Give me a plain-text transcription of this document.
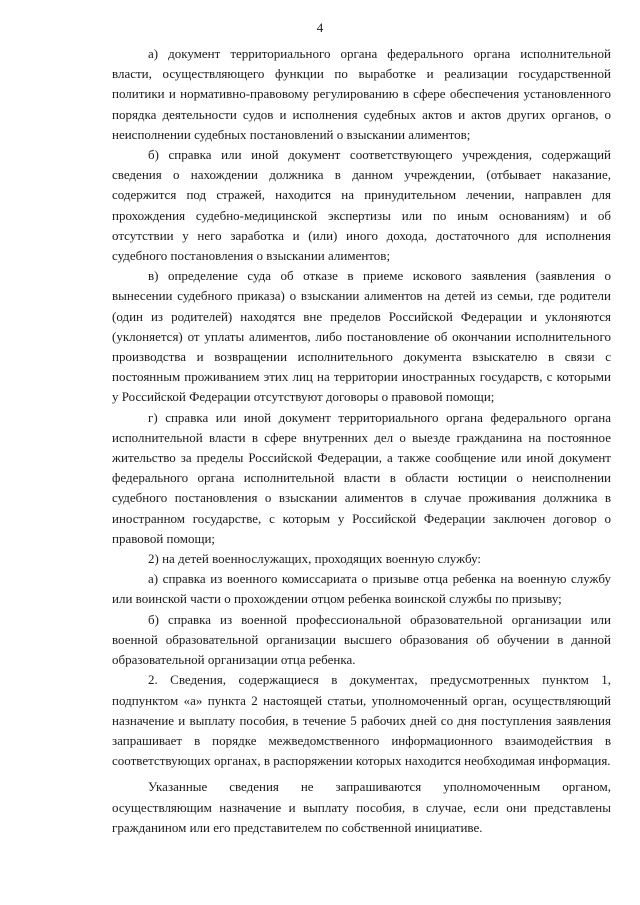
4

а) документ территориального органа федерального органа исполнительной власти, осуществляющего функции по выработке и реализации государственной политики и нормативно-правовому регулированию в сфере обеспечения установленного порядка деятельности судов и исполнения судебных актов и актов других органов, о неисполнении судебных постановлений о взыскании алиментов;

б) справка или иной документ соответствующего учреждения, содержащий сведения о нахождении должника в данном учреждении, (отбывает наказание, содержится под стражей, находится на принудительном лечении, направлен для прохождения судебно-медицинской экспертизы или по иным основаниям) и об отсутствии у него заработка и (или) иного дохода, достаточного для исполнения судебного постановления о взыскании алиментов;

в) определение суда об отказе в приеме искового заявления (заявления о вынесении судебного приказа) о взыскании алиментов на детей из семьи, где родители (один из родителей) находятся вне пределов Российской Федерации и уклоняются (уклоняется) от уплаты алиментов, либо постановление об окончании исполнительного производства и возвращении исполнительного документа взыскателю в связи с постоянным проживанием этих лиц на территории иностранных государств, с которыми у Российской Федерации отсутствуют договоры о правовой помощи;

г) справка или иной документ территориального органа федерального органа исполнительной власти в сфере внутренних дел о выезде гражданина на постоянное жительство за пределы Российской Федерации, а также сообщение или иной документ федерального органа исполнительной власти в области юстиции о неисполнении судебного постановления о взыскании алиментов в случае проживания должника в иностранном государстве, с которым у Российской Федерации заключен договор о правовой помощи;

2) на детей военнослужащих, проходящих военную службу:

а) справка из военного комиссариата о призыве отца ребенка на военную службу или воинской части о прохождении отцом ребенка воинской службы по призыву;

б) справка из военной профессиональной образовательной организации или военной образовательной организации высшего образования об обучении в данной образовательной организации отца ребенка.

2. Сведения, содержащиеся в документах, предусмотренных пунктом 1, подпунктом «а» пункта 2 настоящей статьи, уполномоченный орган, осуществляющий назначение и выплату пособия, в течение 5 рабочих дней со дня поступления заявления запрашивает в порядке межведомственного информационного взаимодействия в соответствующих органах, в распоряжении которых находится необходимая информация.

Указанные сведения не запрашиваются уполномоченным органом, осуществляющим назначение и выплату пособия, в случае, если они представлены гражданином или его представителем по собственной инициативе.
